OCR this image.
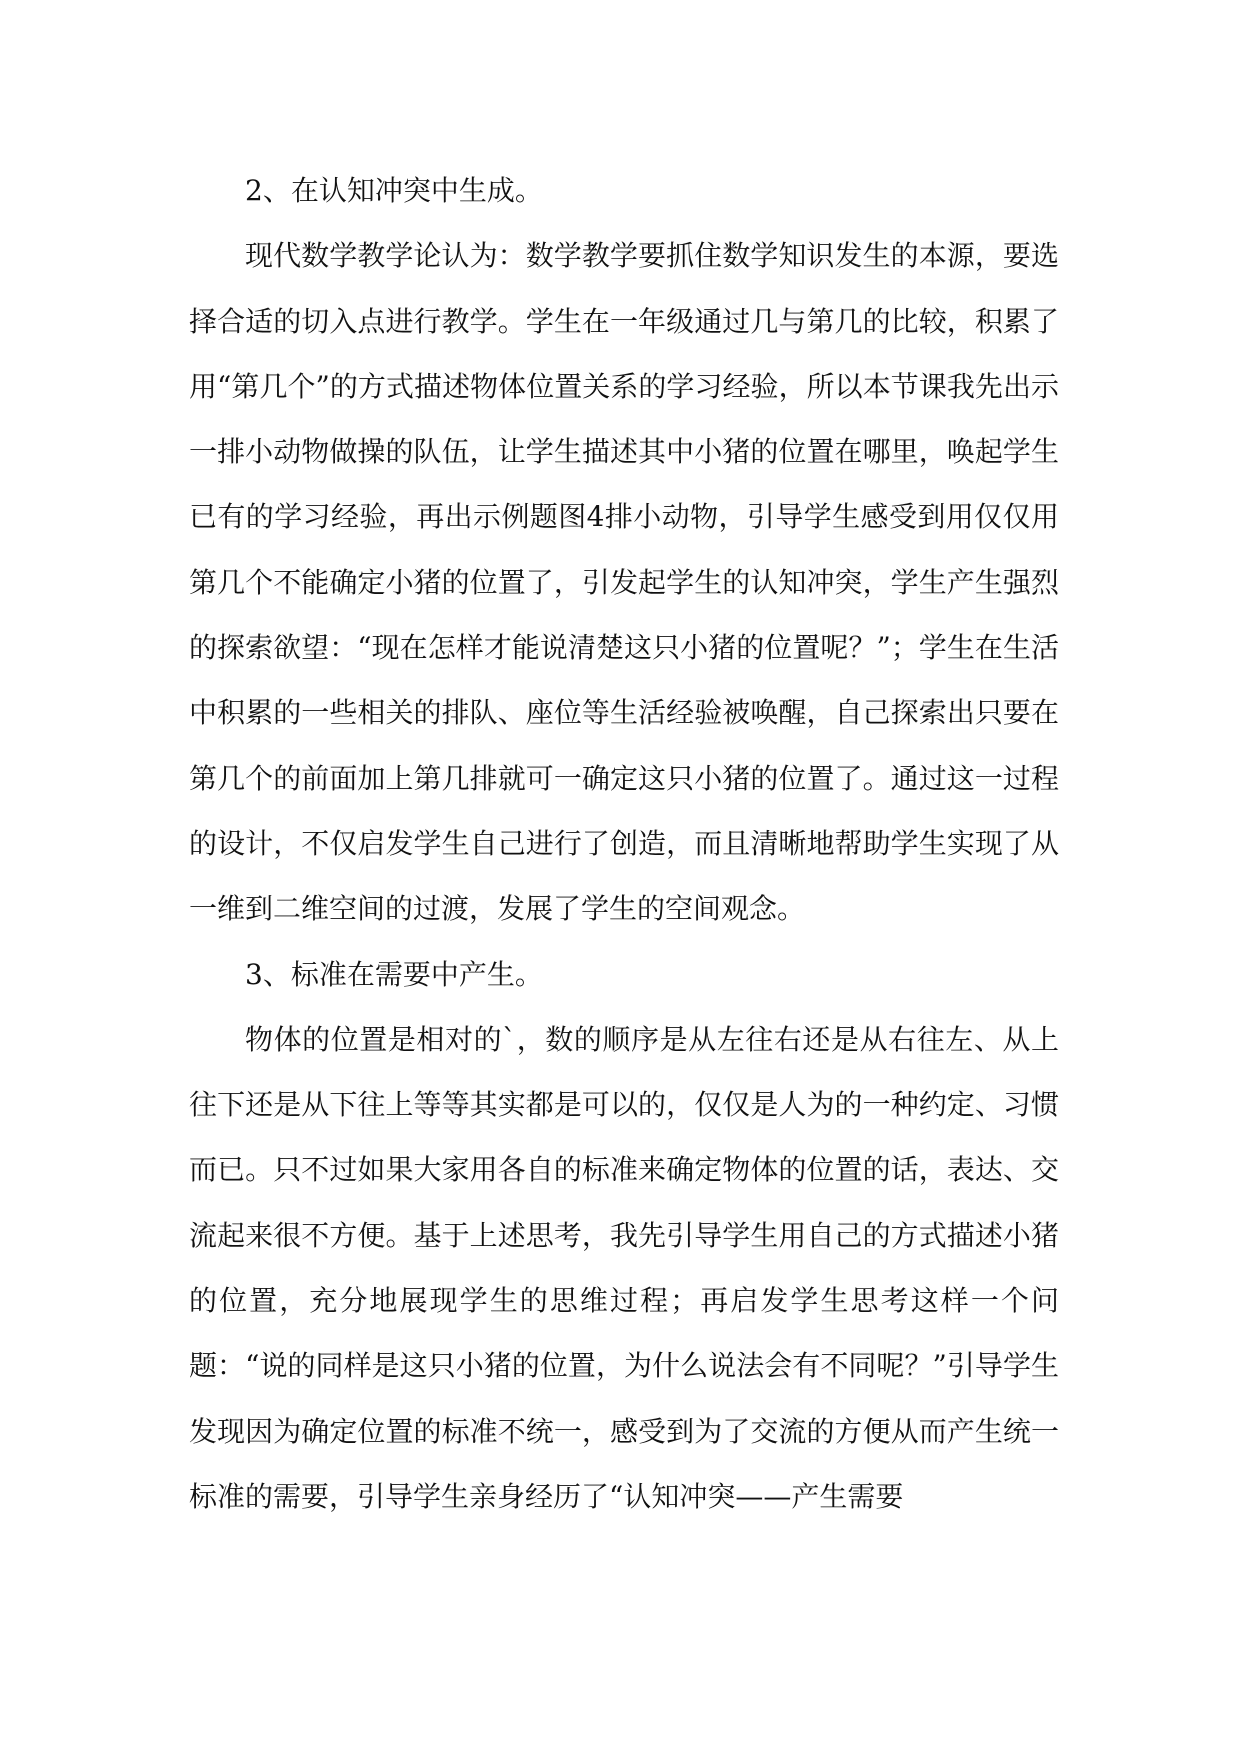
2、在认知冲突中生成。

现代数学教学论认为：数学教学要抓住数学知识发生的本源，要选择合适的切入点进行教学。学生在一年级通过几与第几的比较，积累了用“第几个”的方式描述物体位置关系的学习经验，所以本节课我先出示一排小动物做操的队伍，让学生描述其中小猪的位置在哪里，唤起学生已有的学习经验，再出示例题图4排小动物，引导学生感受到用仅仅用第几个不能确定小猪的位置了，引发起学生的认知冲突，学生产生强烈的探索欲望：“现在怎样才能说清楚这只小猪的位置呢？”；学生在生活中积累的一些相关的排队、座位等生活经验被唤醒，自己探索出只要在第几个的前面加上第几排就可一确定这只小猪的位置了。通过这一过程的设计，不仅启发学生自己进行了创造，而且清晰地帮助学生实现了从一维到二维空间的过渡，发展了学生的空间观念。

3、标准在需要中产生。

物体的位置是相对的`，数的顺序是从左往右还是从右往左、从上往下还是从下往上等等其实都是可以的，仅仅是人为的一种约定、习惯而已。只不过如果大家用各自的标准来确定物体的位置的话，表达、交流起来很不方便。基于上述思考，我先引导学生用自己的方式描述小猪的位置，充分地展现学生的思维过程；再启发学生思考这样一个问题：“说的同样是这只小猪的位置，为什么说法会有不同呢？”引导学生发现因为确定位置的标准不统一，感受到为了交流的方便从而产生统一标准的需要，引导学生亲身经历了“认知冲突——产生需要
